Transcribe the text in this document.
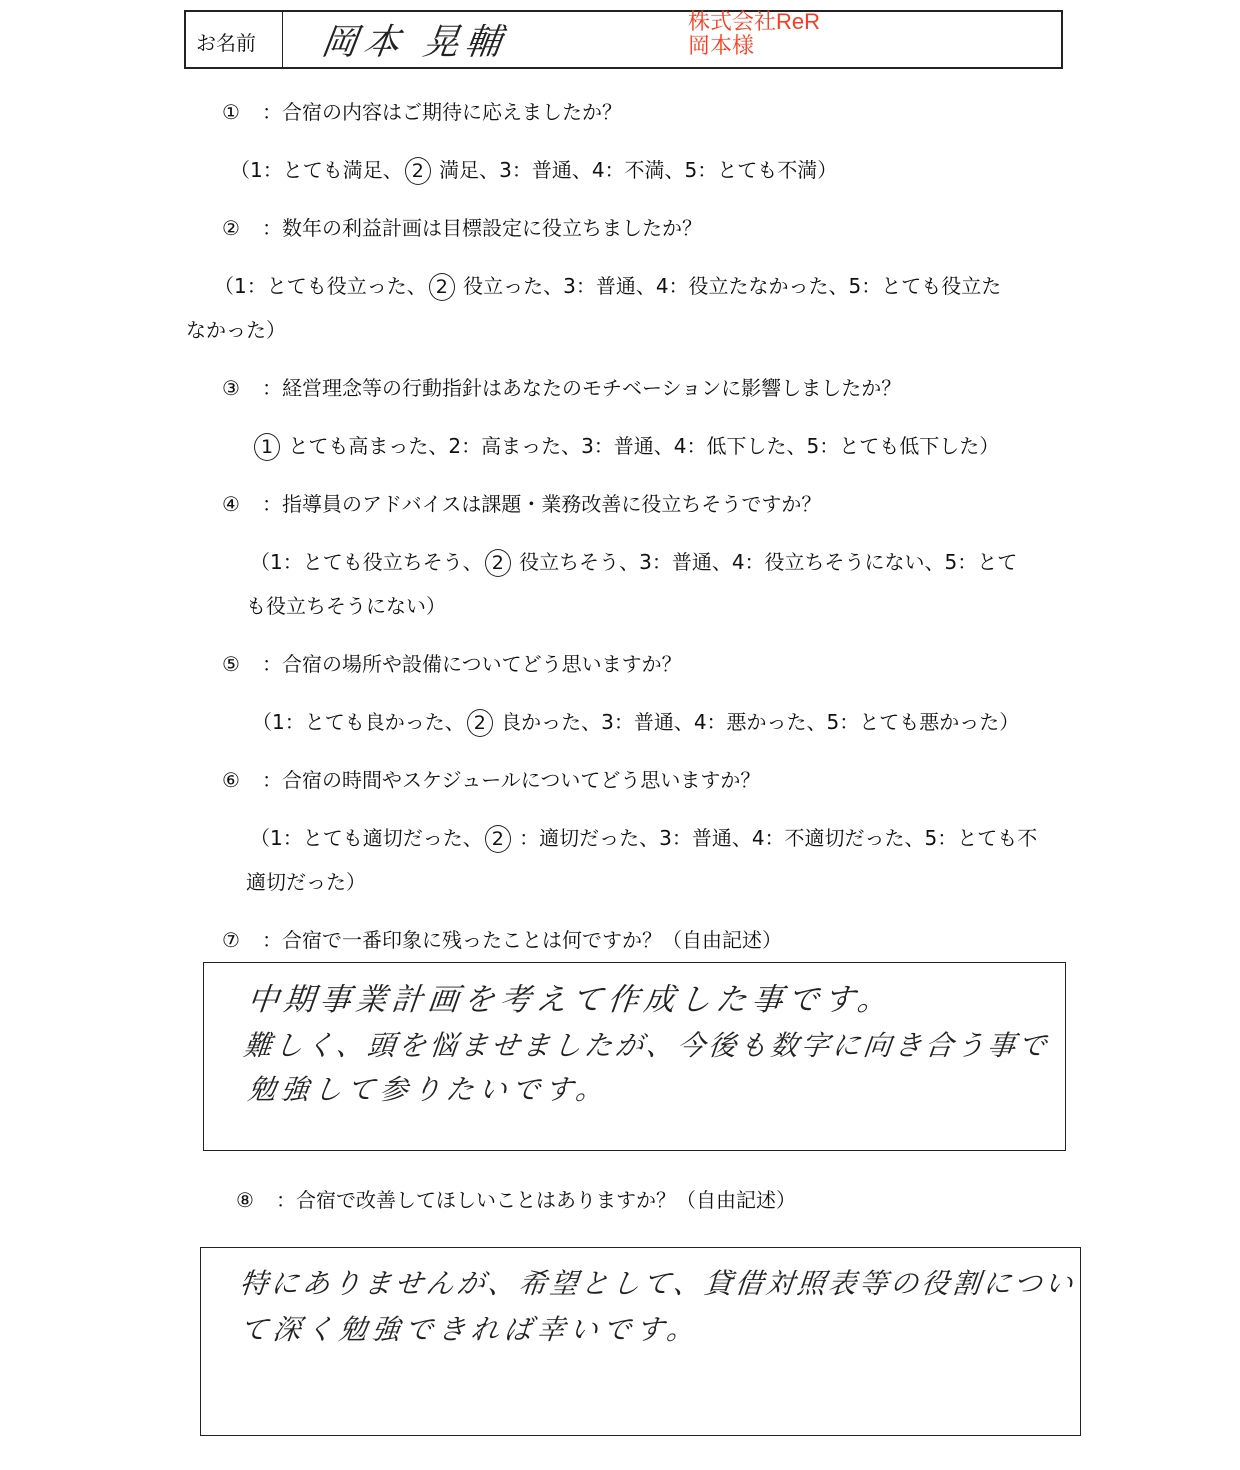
お名前 岡本 晃輔
株式会社ReR
岡本様
① ：合宿の内容はご期待に応えましたか？
（1：とても満足、 2 満足、3：普通、4：不満、5：とても不満）
② ：数年の利益計画は目標設定に役立ちましたか？
（1：とても役立った、 2 役立った、3：普通、4：役立たなかった、5：とても役立た
なかった）
③ ：経営理念等の行動指針はあなたのモチベーションに影響しましたか？
1 とても高まった、2：高まった、3：普通、4：低下した、5：とても低下した）
④ ：指導員のアドバイスは課題・業務改善に役立ちそうですか？
（1：とても役立ちそう、 2 役立ちそう、3：普通、4：役立ちそうにない、5：とて
も役立ちそうにない）
⑤ ：合宿の場所や設備についてどう思いますか？
（1：とても良かった、 2 良かった、3：普通、4：悪かった、5：とても悪かった）
⑥ ：合宿の時間やスケジュールについてどう思いますか？
（1：とても適切だった、 2 ：適切だった、3：普通、4：不適切だった、5：とても不
適切だった）
⑦ ：合宿で一番印象に残ったことは何ですか？（自由記述）
中期事業計画を考えて作成した事です。
難しく、頭を悩ませましたが、今後も数字に向き合う事で
勉強して参りたいです。
⑧ ：合宿で改善してほしいことはありますか？（自由記述）
特にありませんが、希望として、貸借対照表等の役割につい
て深く勉強できれば幸いです。
